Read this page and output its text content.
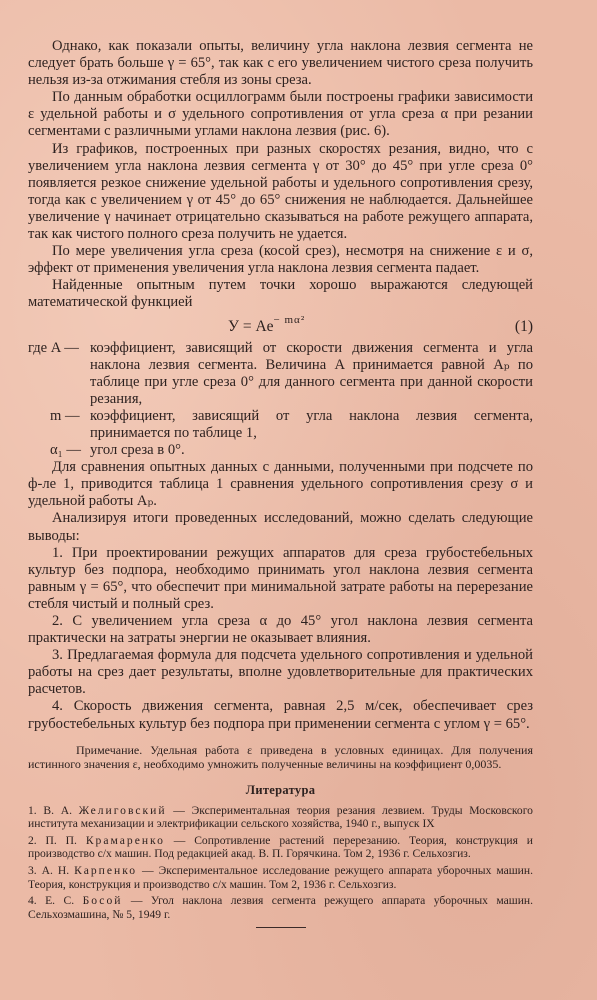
Однако, как показали опыты, величину угла наклона лезвия сегмента не следует брать больше γ = 65°, так как с его увеличением чистого среза получить нельзя из-за отжимания стебля из зоны среза.

По данным обработки осциллограмм были построены графики зависимости ε удельной работы и σ удельного сопротивления от угла среза α при резании сегментами с различными углами наклона лезвия (рис. 6).

Из графиков, построенных при разных скоростях резания, видно, что с увеличением угла наклона лезвия сегмента γ от 30° до 45° при угле среза 0° появляется резкое снижение удельной работы и удельного сопротивления срезу, тогда как с увеличением γ от 45° до 65° снижения не наблюдается. Дальнейшее увеличение γ начинает отрицательно сказываться на работе режущего аппарата, так как чистого полного среза получить не удается.

По мере увеличения угла среза (косой срез), несмотря на снижение ε и σ, эффект от применения увеличения угла наклона лезвия сегмента падает.

Найденные опытным путем точки хорошо выражаются следующей математической функцией

$У = Ae^{- m\alpha^2}$	(1)
где A — коэффициент, зависящий от скорости движения сегмента и угла наклона лезвия сегмента. Величина A принимается равной Aₚ по таблице при угле среза 0° для данного сегмента при данной скорости резания,
m — коэффициент, зависящий от угла наклона лезвия сегмента, принимается по таблице 1,
α₁ — угол среза в 0°.

Для сравнения опытных данных с данными, полученными при подсчете по ф-ле 1, приводится таблица 1 сравнения удельного сопротивления срезу σ и удельной работы Aₚ.

Анализируя итоги проведенных исследований, можно сделать следующие выводы:

1. При проектировании режущих аппаратов для среза грубостебельных культур без подпора, необходимо принимать угол наклона лезвия сегмента равным γ = 65°, что обеспечит при минимальной затрате работы на перерезание стебля чистый и полный срез.

2. С увеличением угла среза α до 45° угол наклона лезвия сегмента практически на затраты энергии не оказывает влияния.

3. Предлагаемая формула для подсчета удельного сопротивления и удельной работы на срез дает результаты, вполне удовлетворительные для практических расчетов.

4. Скорость движения сегмента, равная 2,5 м/сек, обеспечивает срез грубостебельных культур без подпора при применении сегмента с углом γ = 65°.

Примечание. Удельная работа ε приведена в условных единицах. Для получения истинного значения ε, необходимо умножить полученные величины на коэффициент 0,0035.

Литература

1. В. А. Желиговский — Экспериментальная теория резания лезвием. Труды Московского института механизации и электрификации сельского хозяйства, 1940 г., выпуск IX

2. П. П. Крамаренко — Сопротивление растений перерезанию. Теория, конструкция и производство с/х машин. Под редакцией акад. В. П. Горячкина. Том 2, 1936 г. Сельхозгиз.

3. А. Н. Карпенко — Экспериментальное исследование режущего аппарата уборочных машин. Теория, конструкция и производство с/х машин. Том 2, 1936 г. Сельхозгиз.

4. Е. С. Босой — Угол наклона лезвия сегмента режущего аппарата уборочных машин. Сельхозмашина, № 5, 1949 г.
